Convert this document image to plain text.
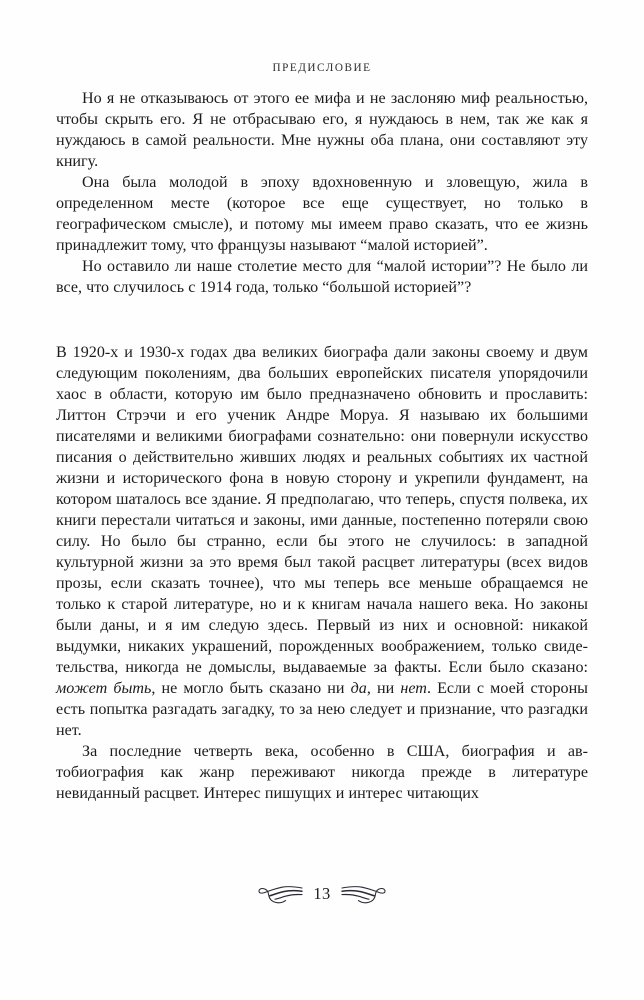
ПРЕДИСЛОВИЕ

Но я не отказываюсь от этого ее мифа и не заслоняю миф реальностью, чтобы скрыть его. Я не отбрасываю его, я нуждаюсь в нем, так же как я нуждаюсь в самой реальности. Мне нужны оба плана, они составляют эту книгу.

Она была молодой в эпоху вдохновенную и зловещую, жила в определенном месте (которое все еще существует, но только в географическом смысле), и потому мы имеем право сказать, что ее жизнь принадлежит тому, что французы называют “малой историей”.

Но оставило ли наше столетие место для “малой истории”? Не было ли все, что случилось с 1914 года, только “большой историей”?

В 1920-х и 1930-х годах два великих биографа дали законы своему и двум следующим поколениям, два больших европейских писателя упорядочили хаос в области, которую им было предназначено обновить и прославить: Литтон Стрэчи и его ученик Андре Моруа. Я называю их большими писателями и великими биографами сознательно: они повернули искусство писания о действительно живших людях и реальных событиях их частной жизни и исторического фона в новую сторону и укрепили фундамент, на котором шаталось все здание. Я предполагаю, что теперь, спустя полвека, их книги перестали читаться и законы, ими данные, постепенно потеряли свою силу. Но было бы странно, если бы этого не случилось: в западной культурной жизни за это время был такой расцвет литературы (всех видов прозы, если сказать точнее), что мы теперь все меньше обращаемся не только к старой литературе, но и к книгам начала нашего века. Но законы были даны, и я им следую здесь. Первый из них и основной: никакой выдумки, никаких украшений, порожденных воображением, только свидетельства, никогда не домыслы, выдаваемые за факты. Если было сказано: может быть, не могло быть сказано ни да, ни нет. Если с моей стороны есть попытка разгадать загадку, то за нею следует и признание, что разгадки нет.

За последние четверть века, особенно в США, биография и автобиография как жанр переживают никогда прежде в литературе невиданный расцвет. Интерес пишущих и интерес читающих

13
